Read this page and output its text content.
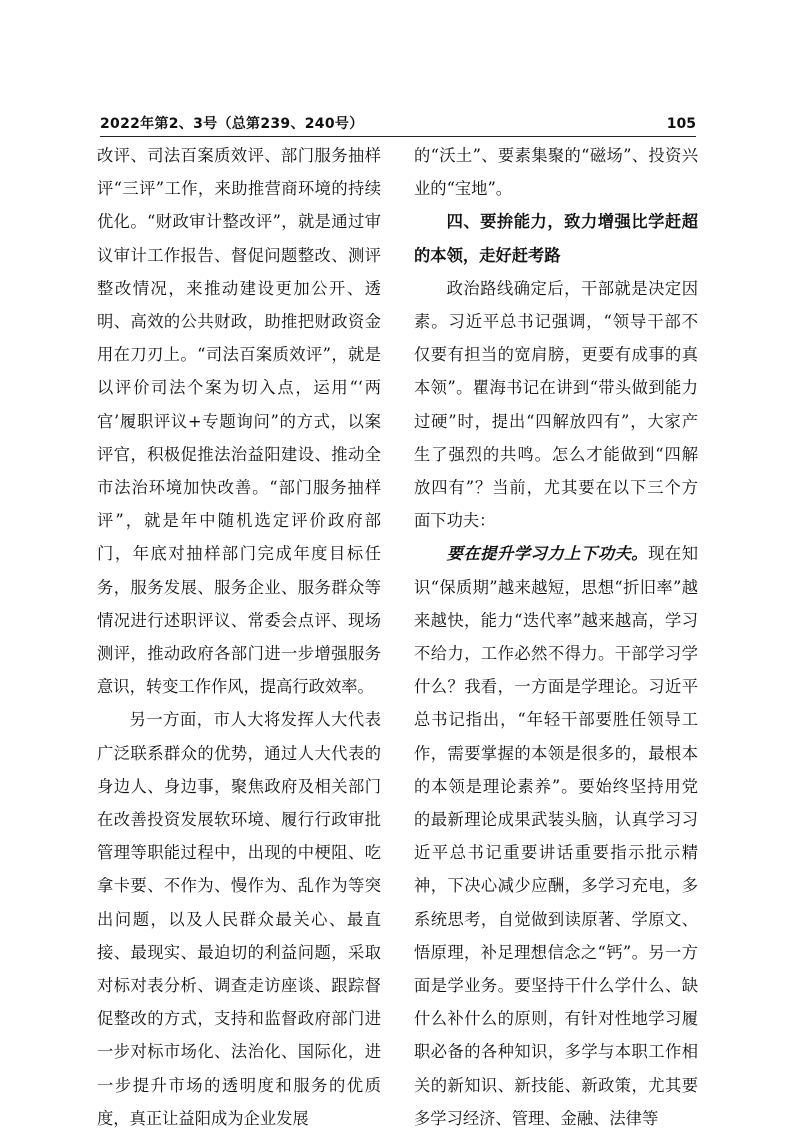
2022年第2、3号（总第239、240号）	105

改评、司法百案质效评、部门服务抽样评“三评”工作，来助推营商环境的持续优化。“财政审计整改评”，就是通过审议审计工作报告、督促问题整改、测评整改情况，来推动建设更加公开、透明、高效的公共财政，助推把财政资金用在刀刃上。“司法百案质效评”，就是以评价司法个案为切入点，运用“‘两官’履职评议+专题询问”的方式，以案评官，积极促推法治益阳建设、推动全市法治环境加快改善。“部门服务抽样评”，就是年中随机选定评价政府部门，年底对抽样部门完成年度目标任务，服务发展、服务企业、服务群众等情况进行述职评议、常委会点评、现场测评，推动政府各部门进一步增强服务意识，转变工作作风，提高行政效率。

另一方面，市人大将发挥人大代表广泛联系群众的优势，通过人大代表的身边人、身边事，聚焦政府及相关部门在改善投资发展软环境、履行行政审批管理等职能过程中，出现的中梗阻、吃拿卡要、不作为、慢作为、乱作为等突出问题，以及人民群众最关心、最直接、最现实、最迫切的利益问题，采取对标对表分析、调查走访座谈、跟踪督促整改的方式，支持和监督政府部门进一步对标市场化、法治化、国际化，进一步提升市场的透明度和服务的优质度，真正让益阳成为企业发展

的“沃土”、要素集聚的“磁场”、投资兴业的“宝地”。

四、要拚能力，致力增强比学赶超的本领，走好赶考路

政治路线确定后，干部就是决定因素。习近平总书记强调，“领导干部不仅要有担当的宽肩膀，更要有成事的真本领”。瞿海书记在讲到“带头做到能力过硬”时，提出“四解放四有”，大家产生了强烈的共鸣。怎么才能做到“四解放四有”？当前，尤其要在以下三个方面下功夫：

要在提升学习力上下功夫。现在知识“保质期”越来越短，思想“折旧率”越来越快，能力“迭代率”越来越高，学习不给力，工作必然不得力。干部学习学什么？我看，一方面是学理论。习近平总书记指出，“年轻干部要胜任领导工作，需要掌握的本领是很多的，最根本的本领是理论素养”。要始终坚持用党的最新理论成果武装头脑，认真学习习近平总书记重要讲话重要指示批示精神，下决心减少应酬，多学习充电，多系统思考，自觉做到读原著、学原文、悟原理，补足理想信念之“钙”。另一方面是学业务。要坚持干什么学什么、缺什么补什么的原则，有针对性地学习履职必备的各种知识，多学与本职工作相关的新知识、新技能、新政策，尤其要多学习经济、管理、金融、法律等
